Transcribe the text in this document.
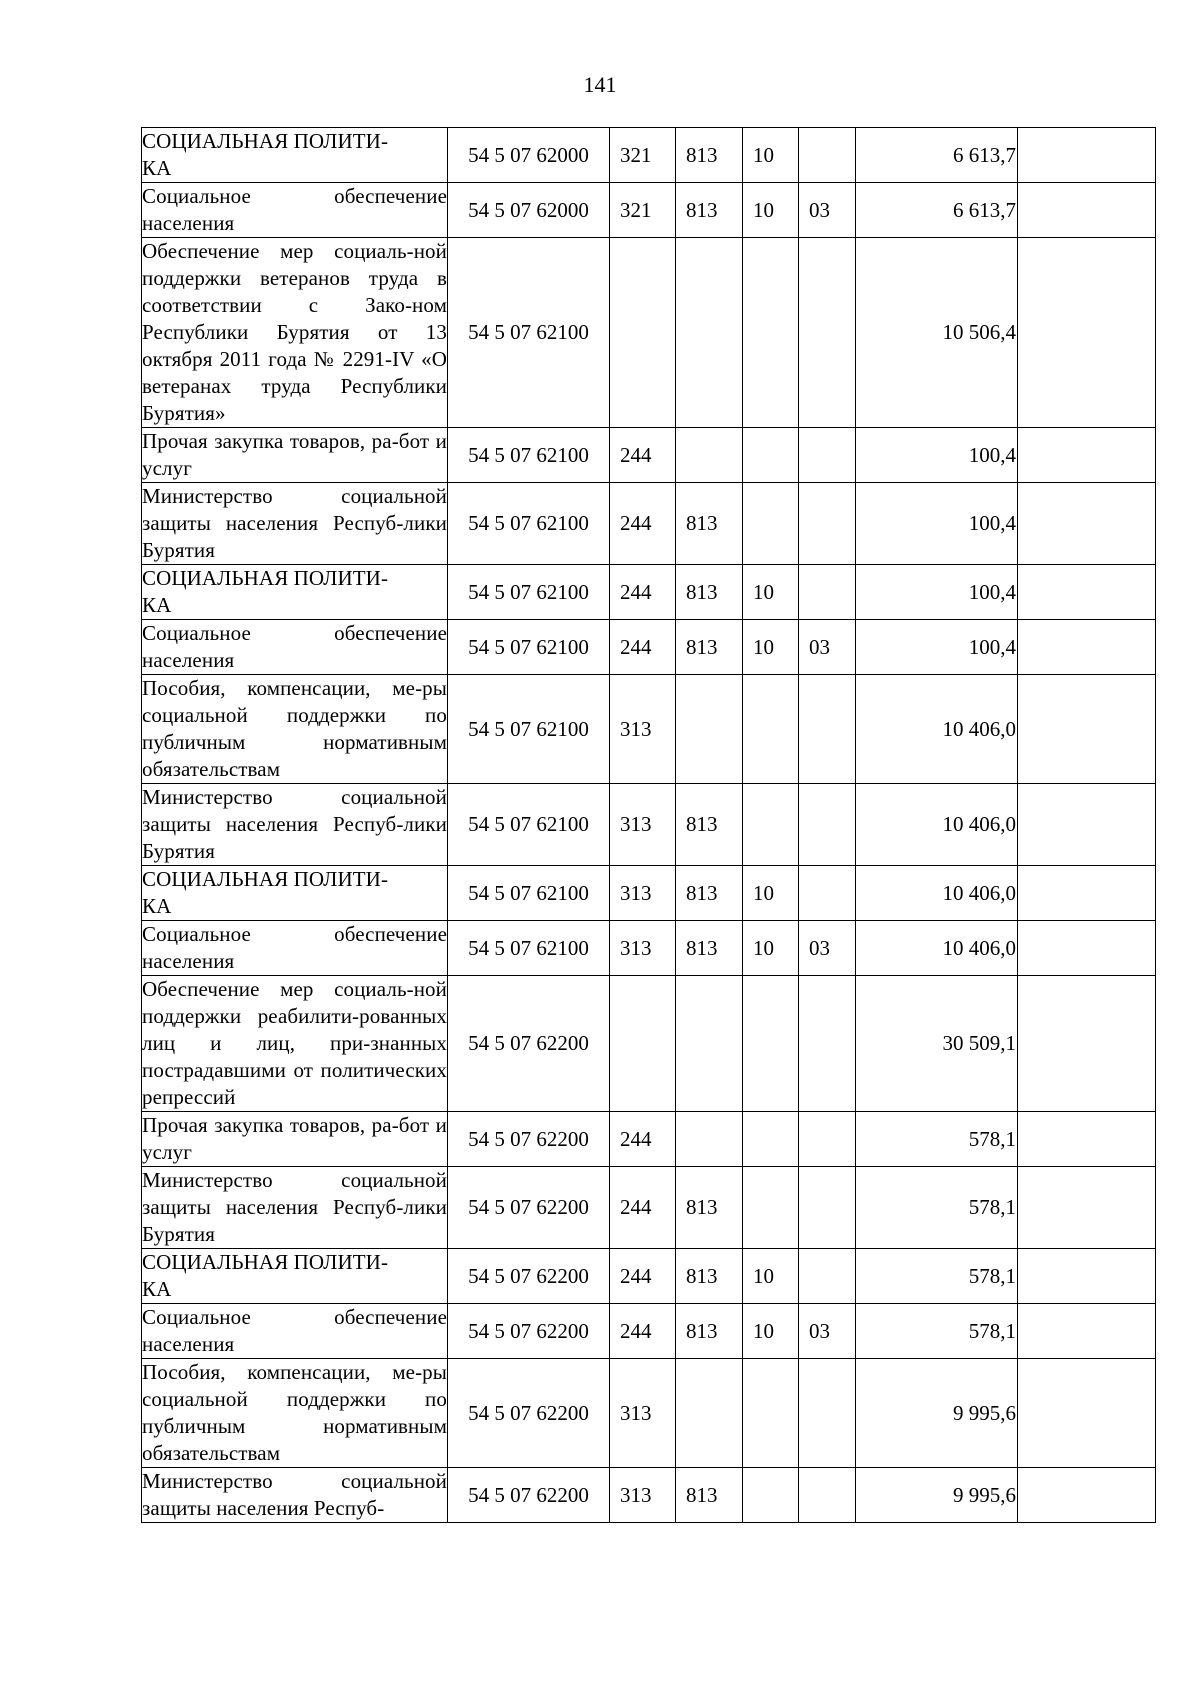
141
СОЦИАЛЬНАЯ ПОЛИТИ-
КА	54 5 07 62000	321	813	10		6 613,7	

Социальное обеспечение населения	54 5 07 62000	321	813	10	03	6 613,7	

Обеспечение мер социаль-ной поддержки ветеранов труда в соответствии с Зако-ном Республики Бурятия от 13 октября 2011 года № 2291-IV «О ветеранах труда Республики Бурятия»	54 5 07 62100					10 506,4	

Прочая закупка товаров, ра-бот и услуг	54 5 07 62100	244				100,4	

Министерство социальной защиты населения Респуб-лики Бурятия	54 5 07 62100	244	813			100,4	

СОЦИАЛЬНАЯ ПОЛИТИ-
КА	54 5 07 62100	244	813	10		100,4	

Социальное обеспечение населения	54 5 07 62100	244	813	10	03	100,4	

Пособия, компенсации, ме-ры социальной поддержки по публичным нормативным обязательствам	54 5 07 62100	313				10 406,0	

Министерство социальной защиты населения Респуб-лики Бурятия	54 5 07 62100	313	813			10 406,0	

СОЦИАЛЬНАЯ ПОЛИТИ-
КА	54 5 07 62100	313	813	10		10 406,0	

Социальное обеспечение населения	54 5 07 62100	313	813	10	03	10 406,0	

Обеспечение мер социаль-ной поддержки реабилити-рованных лиц и лиц, при-знанных пострадавшими от политических репрессий	54 5 07 62200					30 509,1	

Прочая закупка товаров, ра-бот и услуг	54 5 07 62200	244				578,1	

Министерство социальной защиты населения Респуб-лики Бурятия	54 5 07 62200	244	813			578,1	

СОЦИАЛЬНАЯ ПОЛИТИ-
КА	54 5 07 62200	244	813	10		578,1	

Социальное обеспечение населения	54 5 07 62200	244	813	10	03	578,1	

Пособия, компенсации, ме-ры социальной поддержки по публичным нормативным обязательствам	54 5 07 62200	313				9 995,6	

Министерство социальной защиты населения Респуб-	54 5 07 62200	313	813			9 995,6	
